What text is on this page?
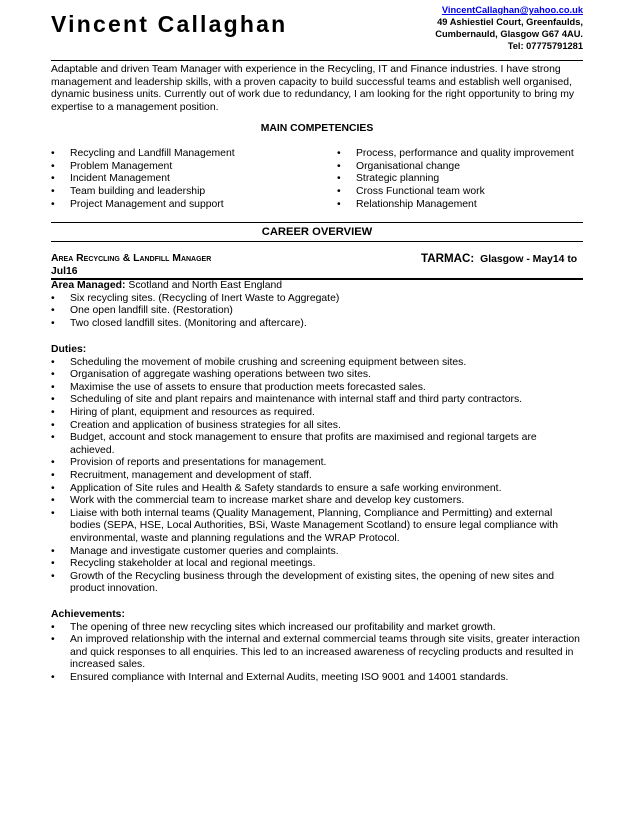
Vincent Callaghan
VincentCallaghan@yahoo.co.uk
49 Ashiestiel Court, Greenfaulds,
Cumbernauld, Glasgow G67 4AU.
Tel: 07775791281

Adaptable and driven Team Manager with experience in the Recycling, IT and Finance industries. I have strong management and leadership skills, with a proven capacity to build successful teams and establish well organised, dynamic business units. Currently out of work due to redundancy, I am looking for the right opportunity to bring my expertise to a management position.

MAIN COMPETENCIES
• Recycling and Landfill Management
• Problem Management
• Incident Management
• Team building and leadership
• Project Management and support
• Process, performance and quality improvement
• Organisational change
• Strategic planning
• Cross Functional team work
• Relationship Management
CAREER OVERVIEW
Area Recycling & Landfill Manager	TARMAC: Glasgow - May14 to
Jul16
Area Managed: Scotland and North East England
• Six recycling sites. (Recycling of Inert Waste to Aggregate)
• One open landfill site. (Restoration)
• Two closed landfill sites. (Monitoring and aftercare).
Duties:
• Scheduling the movement of mobile crushing and screening equipment between sites.
• Organisation of aggregate washing operations between two sites.
• Maximise the use of assets to ensure that production meets forecasted sales.
• Scheduling of site and plant repairs and maintenance with internal staff and third party contractors.
• Hiring of plant, equipment and resources as required.
• Creation and application of business strategies for all sites.
• Budget, account and stock management to ensure that profits are maximised and regional targets are achieved.
• Provision of reports and presentations for management.
• Recruitment, management and development of staff.
• Application of Site rules and Health & Safety standards to ensure a safe working environment.
• Work with the commercial team to increase market share and develop key customers.
• Liaise with both internal teams (Quality Management, Planning, Compliance and Permitting) and external bodies (SEPA, HSE, Local Authorities, BSi, Waste Management Scotland) to ensure legal compliance with environmental, waste and planning regulations and the WRAP Protocol.
• Manage and investigate customer queries and complaints.
• Recycling stakeholder at local and regional meetings.
• Growth of the Recycling business through the development of existing sites, the opening of new sites and product innovation.
Achievements:
• The opening of three new recycling sites which increased our profitability and market growth.
• An improved relationship with the internal and external commercial teams through site visits, greater interaction and quick responses to all enquiries. This led to an increased awareness of recycling products and resulted in increased sales.
• Ensured compliance with Internal and External Audits, meeting ISO 9001 and 14001 standards.
